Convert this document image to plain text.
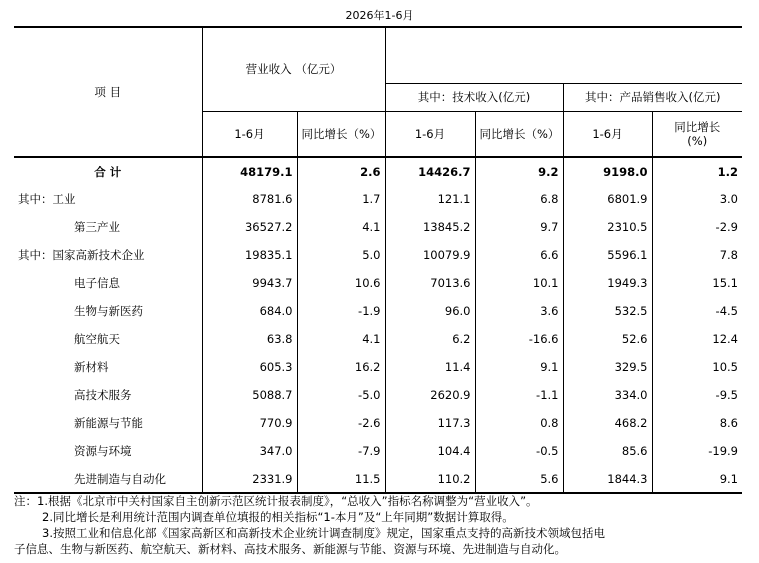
2026年1-6月
项 目	营业收入 （亿元）					
			其中：技术收入(亿元)		其中：产品销售收入(亿元)	
	1-6月	同比增长（%）	1-6月	同比增长（%）	1-6月	同比增长
(%)
合 计	48179.1	2.6	14426.7	9.2	9198.0	1.2
其中：工业	8781.6	1.7	121.1	6.8	6801.9	3.0
第三产业	36527.2	4.1	13845.2	9.7	2310.5	-2.9
其中：国家高新技术企业	19835.1	5.0	10079.9	6.6	5596.1	7.8
电子信息	9943.7	10.6	7013.6	10.1	1949.3	15.1
生物与新医药	684.0	-1.9	96.0	3.6	532.5	-4.5
航空航天	63.8	4.1	6.2	-16.6	52.6	12.4
新材料	605.3	16.2	11.4	9.1	329.5	10.5
高技术服务	5088.7	-5.0	2620.9	-1.1	334.0	-9.5
新能源与节能	770.9	-2.6	117.3	0.8	468.2	8.6
资源与环境	347.0	-7.9	104.4	-0.5	85.6	-19.9
先进制造与自动化	2331.9	11.5	110.2	5.6	1844.3	9.1
注：1.根据《北京市中关村国家自主创新示范区统计报表制度》，“总收入”指标名称调整为“营业收入”。
2.同比增长是利用统计范围内调查单位填报的相关指标“1-本月”及“上年同期”数据计算取得。
3.按照工业和信息化部《国家高新区和高新技术企业统计调查制度》规定，国家重点支持的高新技术领域包括电
子信息、生物与新医药、航空航天、新材料、高技术服务、新能源与节能、资源与环境、先进制造与自动化。
